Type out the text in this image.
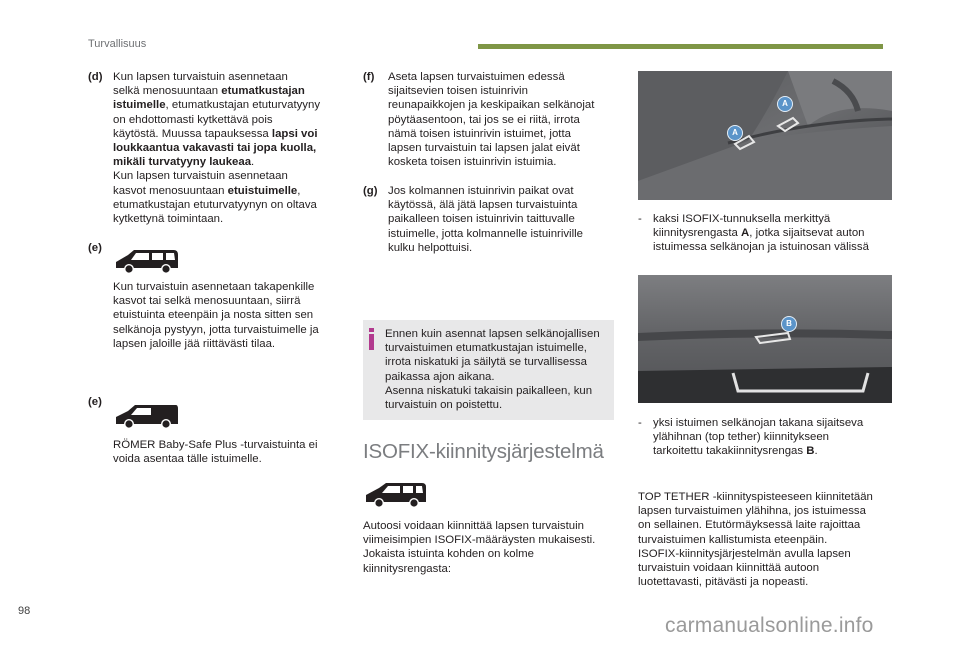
Turvallisuus
(d) Kun lapsen turvaistuin asennetaan
selkä menosuuntaan etumatkustajan
istuimelle, etumatkustajan etuturvatyyny
on ehdottomasti kytkettävä pois
käytöstä. Muussa tapauksessa lapsi voi
loukkaantua vakavasti tai jopa kuolla,
mikäli turvatyyny laukeaa.
Kun lapsen turvaistuin asennetaan
kasvot menosuuntaan etuistuimelle,
etumatkustajan etuturvatyynyn on oltava
kytkettynä toimintaan.
(e)
Kun turvaistuin asennetaan takapenkille
kasvot tai selkä menosuuntaan, siirrä
etuistuinta eteenpäin ja nosta sitten sen
selkänoja pystyyn, jotta turvaistuimelle ja
lapsen jaloille jää riittävästi tilaa.
(e)
RÖMER Baby-Safe Plus -turvaistuinta ei
voida asentaa tälle istuimelle.
(f) Aseta lapsen turvaistuimen edessä
sijaitsevien toisen istuinrivin
reunapaikkojen ja keskipaikan selkänojat
pöytäasentoon, tai jos se ei riitä, irrota
nämä toisen istuinrivin istuimet, jotta
lapsen turvaistuin tai lapsen jalat eivät
kosketa toisen istuinrivin istuimia.
(g) Jos kolmannen istuinrivin paikat ovat
käytössä, älä jätä lapsen turvaistuinta
paikalleen toisen istuinrivin taittuvalle
istuimelle, jotta kolmannelle istuinriville
kulku helpottuisi.
Ennen kuin asennat lapsen selkänojallisen
turvaistuimen etumatkustajan istuimelle,
irrota niskatuki ja säilytä se turvallisessa
paikassa ajon aikana.
Asenna niskatuki takaisin paikalleen, kun
turvaistuin on poistettu.
ISOFIX-kiinnitysjärjestelmä
Autoosi voidaan kiinnittää lapsen turvaistuin
viimeisimpien ISOFIX-määräysten mukaisesti.
Jokaista istuinta kohden on kolme
kiinnitysrengasta:
A
A
- kaksi ISOFIX-tunnuksella merkittyä
kiinnitysrengasta A, jotka sijaitsevat auton
istuimessa selkänojan ja istuinosan välissä
B
- yksi istuimen selkänojan takana sijaitseva
ylähihnan (top tether) kiinnitykseen
tarkoitettu takakiinnitysrengas B.
TOP TETHER -kiinnityspisteeseen kiinnitetään
lapsen turvaistuimen ylähihna, jos istuimessa
on sellainen. Etutörmäyksessä laite rajoittaa
turvaistuimen kallistumista eteenpäin.
ISOFIX-kiinnitysjärjestelmän avulla lapsen
turvaistuin voidaan kiinnittää autoon
luotettavasti, pitävästi ja nopeasti.
98
carmanualsonline.info
